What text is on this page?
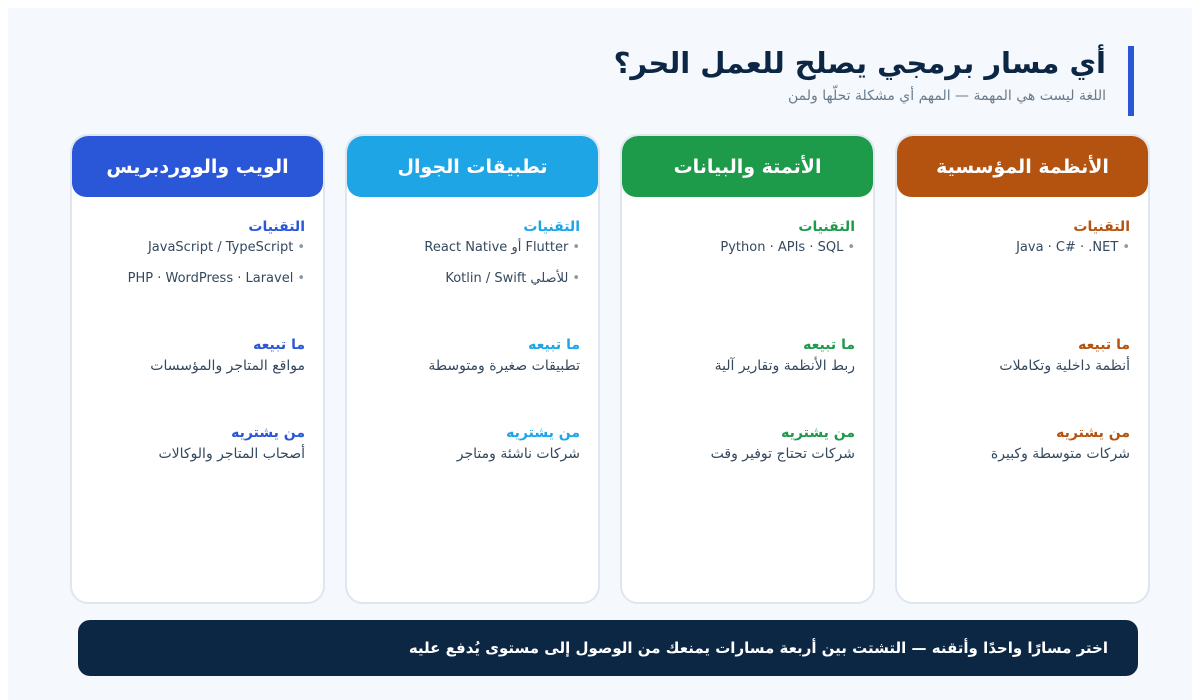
أي مسار برمجي يصلح للعمل الحر؟
اللغة ليست هي المهمة — المهم أي مشكلة تحلّها ولمن
الأنظمة المؤسسية
التقنيات
•Java · C# · .NET
ما تبيعه
أنظمة داخلية وتكاملات
من يشتريه
شركات متوسطة وكبيرة
الأتمتة والبيانات
التقنيات
•Python · APIs · SQL
ما تبيعه
ربط الأنظمة وتقارير آلية
من يشتريه
شركات تحتاج توفير وقت
تطبيقات الجوال
التقنيات
•React Native أو Flutter
•Kotlin / Swift للأصلي
ما تبيعه
تطبيقات صغيرة ومتوسطة
من يشتريه
شركات ناشئة ومتاجر
الويب والووردبريس
التقنيات
•JavaScript / TypeScript
•PHP · WordPress · Laravel
ما تبيعه
مواقع المتاجر والمؤسسات
من يشتريه
أصحاب المتاجر والوكالات
اختر مسارًا واحدًا وأتقنه — التشتت بين أربعة مسارات يمنعك من الوصول إلى مستوى يُدفع عليه
